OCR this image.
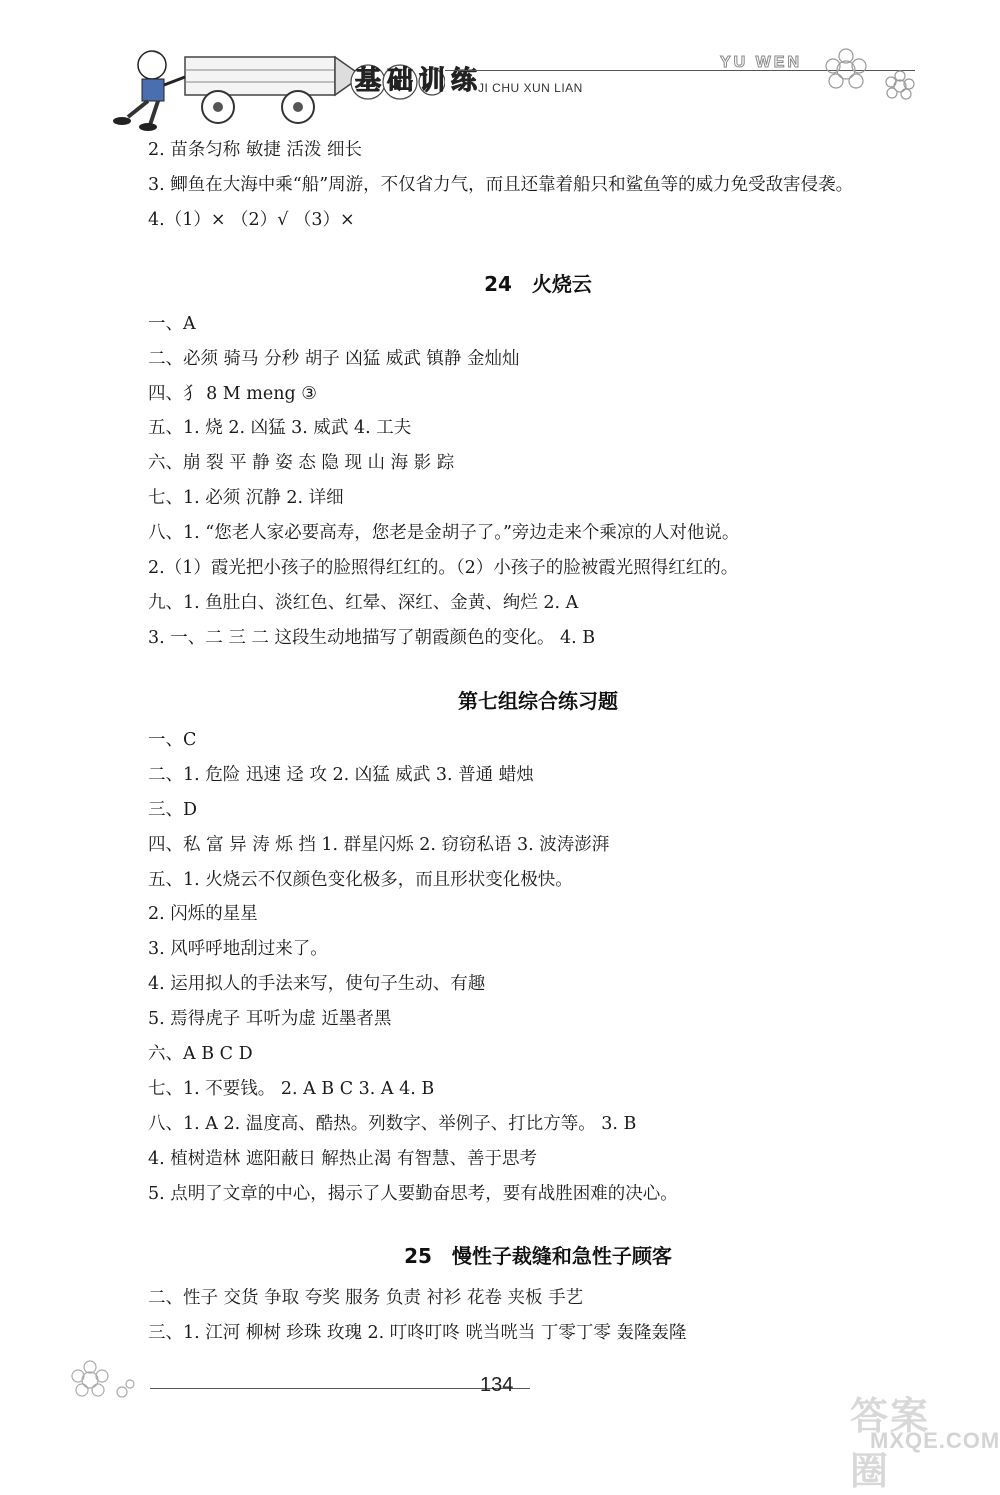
基础训练
JI CHU XUN LIAN
YU WEN
2. 苗条匀称 敏捷 活泼 细长
3. 鲫鱼在大海中乘“船”周游，不仅省力气，而且还靠着船只和鲨鱼等的威力免受敌害侵袭。
4.（1）× （2）√ （3）×
24　火烧云
一、A
二、必须 骑马 分秒 胡子 凶猛 威武 镇静 金灿灿
四、犭 8 M meng ③
五、1. 烧 2. 凶猛 3. 威武 4. 工夫
六、崩 裂 平 静 姿 态 隐 现 山 海 影 踪
七、1. 必须 沉静 2. 详细
八、1. “您老人家必要高寿，您老是金胡子了。”旁边走来个乘凉的人对他说。
2.（1）霞光把小孩子的脸照得红红的。（2）小孩子的脸被霞光照得红红的。
九、1. 鱼肚白、淡红色、红晕、深红、金黄、绚烂 2. A
3. 一、二 三 二 这段生动地描写了朝霞颜色的变化。 4. B
第七组综合练习题
一、C
二、1. 危险 迅速 迳 攻 2. 凶猛 威武 3. 普通 蜡烛
三、D
四、私 富 异 涛 烁 挡 1. 群星闪烁 2. 窃窃私语 3. 波涛澎湃
五、1. 火烧云不仅颜色变化极多，而且形状变化极快。
2. 闪烁的星星
3. 风呼呼地刮过来了。
4. 运用拟人的手法来写，使句子生动、有趣
5. 焉得虎子 耳听为虚 近墨者黑
六、A B C D
七、1. 不要钱。 2. A B C 3. A 4. B
八、1. A 2. 温度高、酷热。列数字、举例子、打比方等。 3. B
4. 植树造林 遮阳蔽日 解热止渴 有智慧、善于思考
5. 点明了文章的中心，揭示了人要勤奋思考，要有战胜困难的决心。
25　慢性子裁缝和急性子顾客
二、性子 交货 争取 夸奖 服务 负责 衬衫 花卷 夹板 手艺
三、1. 江河 柳树 珍珠 玫瑰 2. 叮咚叮咚 咣当咣当 丁零丁零 轰隆轰隆
134
答案圈
MXQE.COM
